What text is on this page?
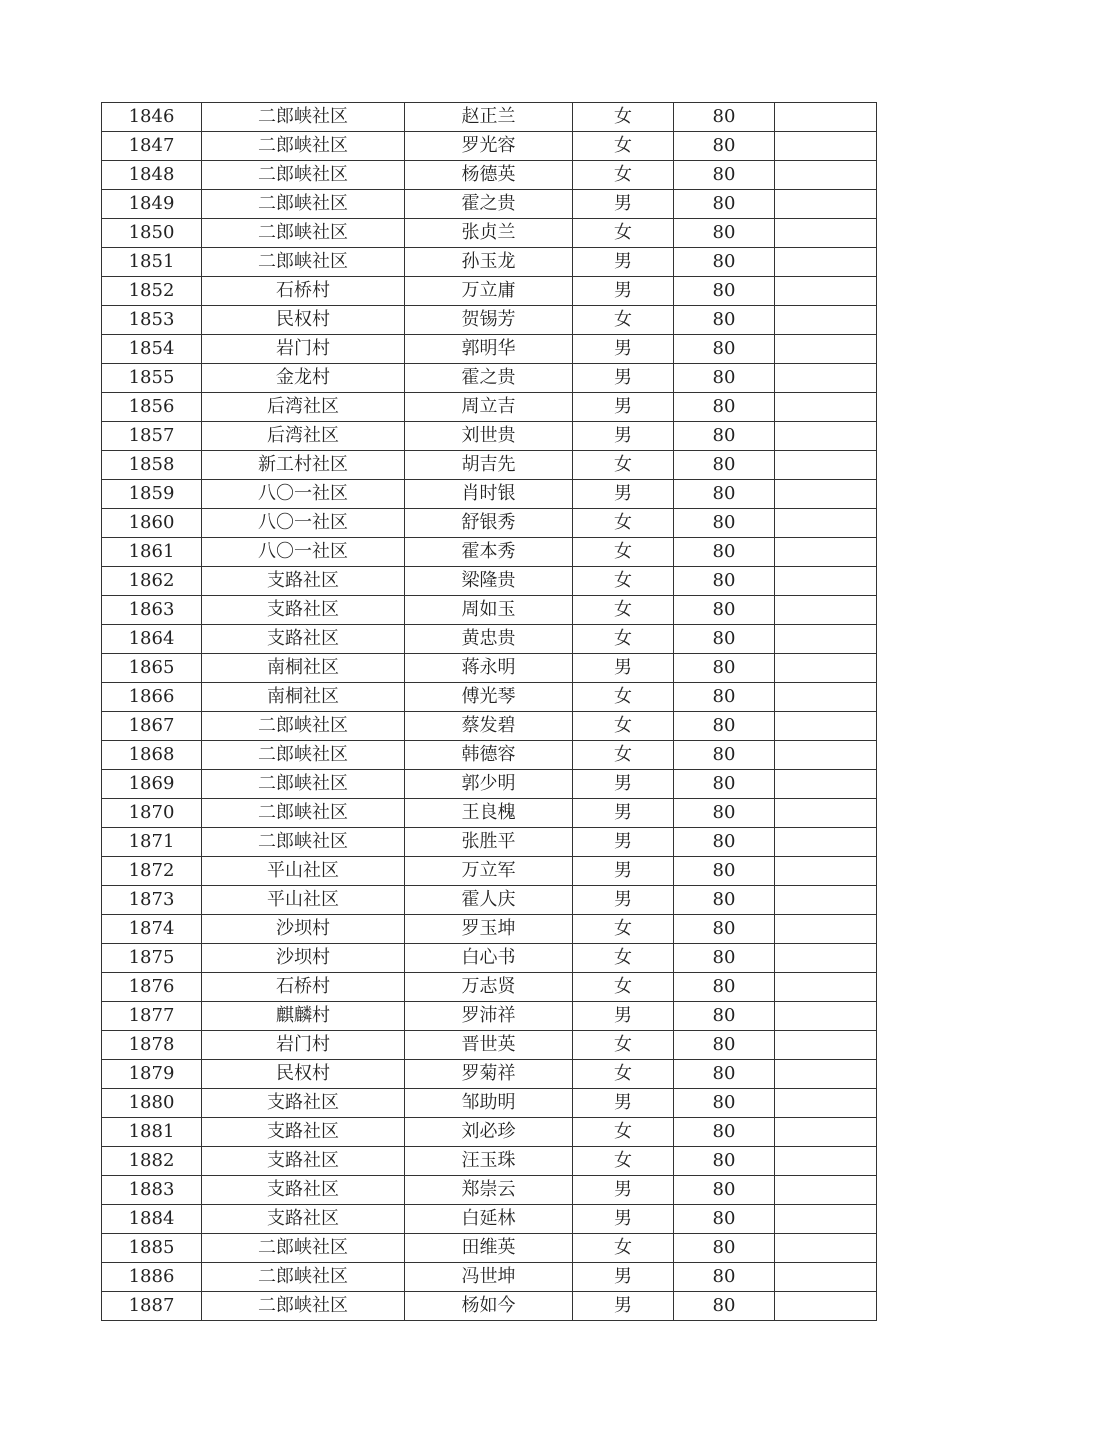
1846	二郎峡社区	赵正兰	女	80	
1847	二郎峡社区	罗光容	女	80	
1848	二郎峡社区	杨德英	女	80	
1849	二郎峡社区	霍之贵	男	80	
1850	二郎峡社区	张贞兰	女	80	
1851	二郎峡社区	孙玉龙	男	80	
1852	石桥村	万立庸	男	80	
1853	民权村	贺锡芳	女	80	
1854	岩门村	郭明华	男	80	
1855	金龙村	霍之贵	男	80	
1856	后湾社区	周立吉	男	80	
1857	后湾社区	刘世贵	男	80	
1858	新工村社区	胡吉先	女	80	
1859	八〇一社区	肖时银	男	80	
1860	八〇一社区	舒银秀	女	80	
1861	八〇一社区	霍本秀	女	80	
1862	支路社区	梁隆贵	女	80	
1863	支路社区	周如玉	女	80	
1864	支路社区	黄忠贵	女	80	
1865	南桐社区	蒋永明	男	80	
1866	南桐社区	傅光琴	女	80	
1867	二郎峡社区	蔡发碧	女	80	
1868	二郎峡社区	韩德容	女	80	
1869	二郎峡社区	郭少明	男	80	
1870	二郎峡社区	王良槐	男	80	
1871	二郎峡社区	张胜平	男	80	
1872	平山社区	万立军	男	80	
1873	平山社区	霍人庆	男	80	
1874	沙坝村	罗玉坤	女	80	
1875	沙坝村	白心书	女	80	
1876	石桥村	万志贤	女	80	
1877	麒麟村	罗沛祥	男	80	
1878	岩门村	晋世英	女	80	
1879	民权村	罗菊祥	女	80	
1880	支路社区	邹助明	男	80	
1881	支路社区	刘必珍	女	80	
1882	支路社区	汪玉珠	女	80	
1883	支路社区	郑崇云	男	80	
1884	支路社区	白延林	男	80	
1885	二郎峡社区	田维英	女	80	
1886	二郎峡社区	冯世坤	男	80	
1887	二郎峡社区	杨如今	男	80	
